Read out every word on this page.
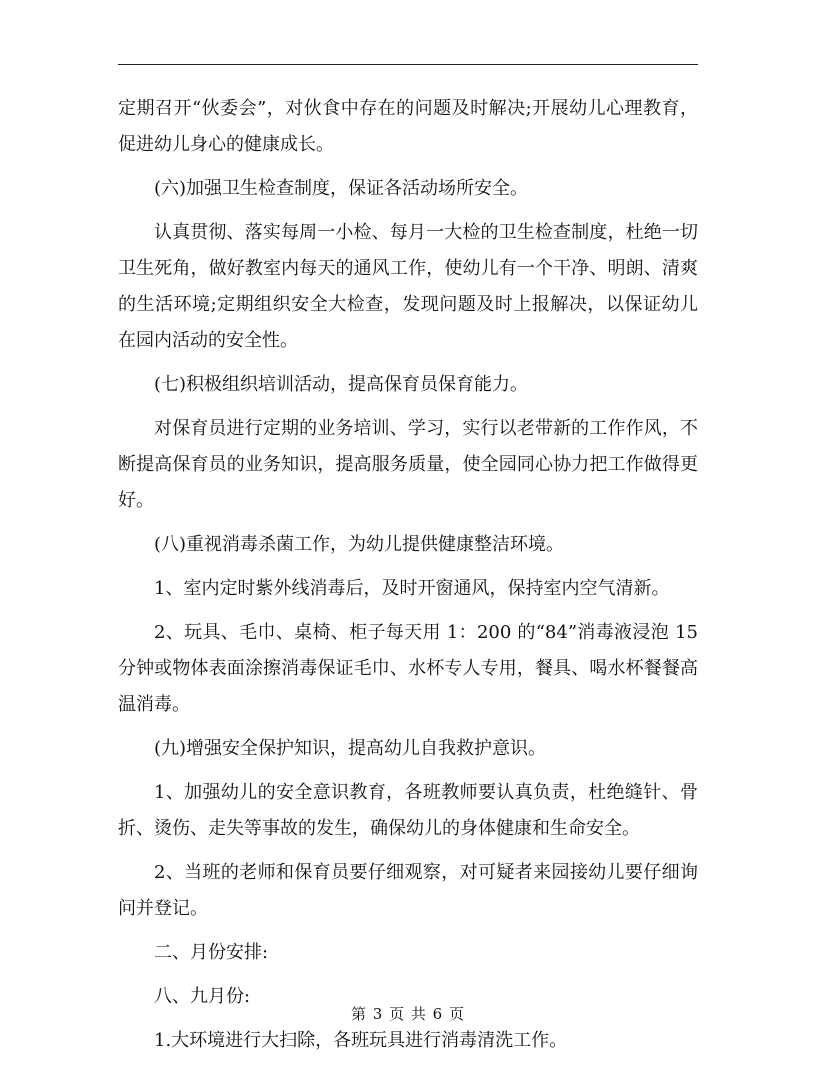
定期召开“伙委会”，对伙食中存在的问题及时解决;开展幼儿心理教育，促进幼儿身心的健康成长。

(六)加强卫生检查制度，保证各活动场所安全。

认真贯彻、落实每周一小检、每月一大检的卫生检查制度，杜绝一切卫生死角，做好教室内每天的通风工作，使幼儿有一个干净、明朗、清爽的生活环境;定期组织安全大检查，发现问题及时上报解决，以保证幼儿在园内活动的安全性。

(七)积极组织培训活动，提高保育员保育能力。

对保育员进行定期的业务培训、学习，实行以老带新的工作作风，不断提高保育员的业务知识，提高服务质量，使全园同心协力把工作做得更好。

(八)重视消毒杀菌工作，为幼儿提供健康整洁环境。

1、室内定时紫外线消毒后，及时开窗通风，保持室内空气清新。

2、玩具、毛巾、桌椅、柜子每天用 1：200 的“84”消毒液浸泡 15 分钟或物体表面涂擦消毒保证毛巾、水杯专人专用，餐具、喝水杯餐餐高温消毒。

(九)增强安全保护知识，提高幼儿自我救护意识。

1、加强幼儿的安全意识教育，各班教师要认真负责，杜绝缝针、骨折、烫伤、走失等事故的发生，确保幼儿的身体健康和生命安全。

2、当班的老师和保育员要仔细观察，对可疑者来园接幼儿要仔细询问并登记。

二、月份安排:

八、九月份:

1.大环境进行大扫除，各班玩具进行消毒清洗工作。

第 3 页 共 6 页
